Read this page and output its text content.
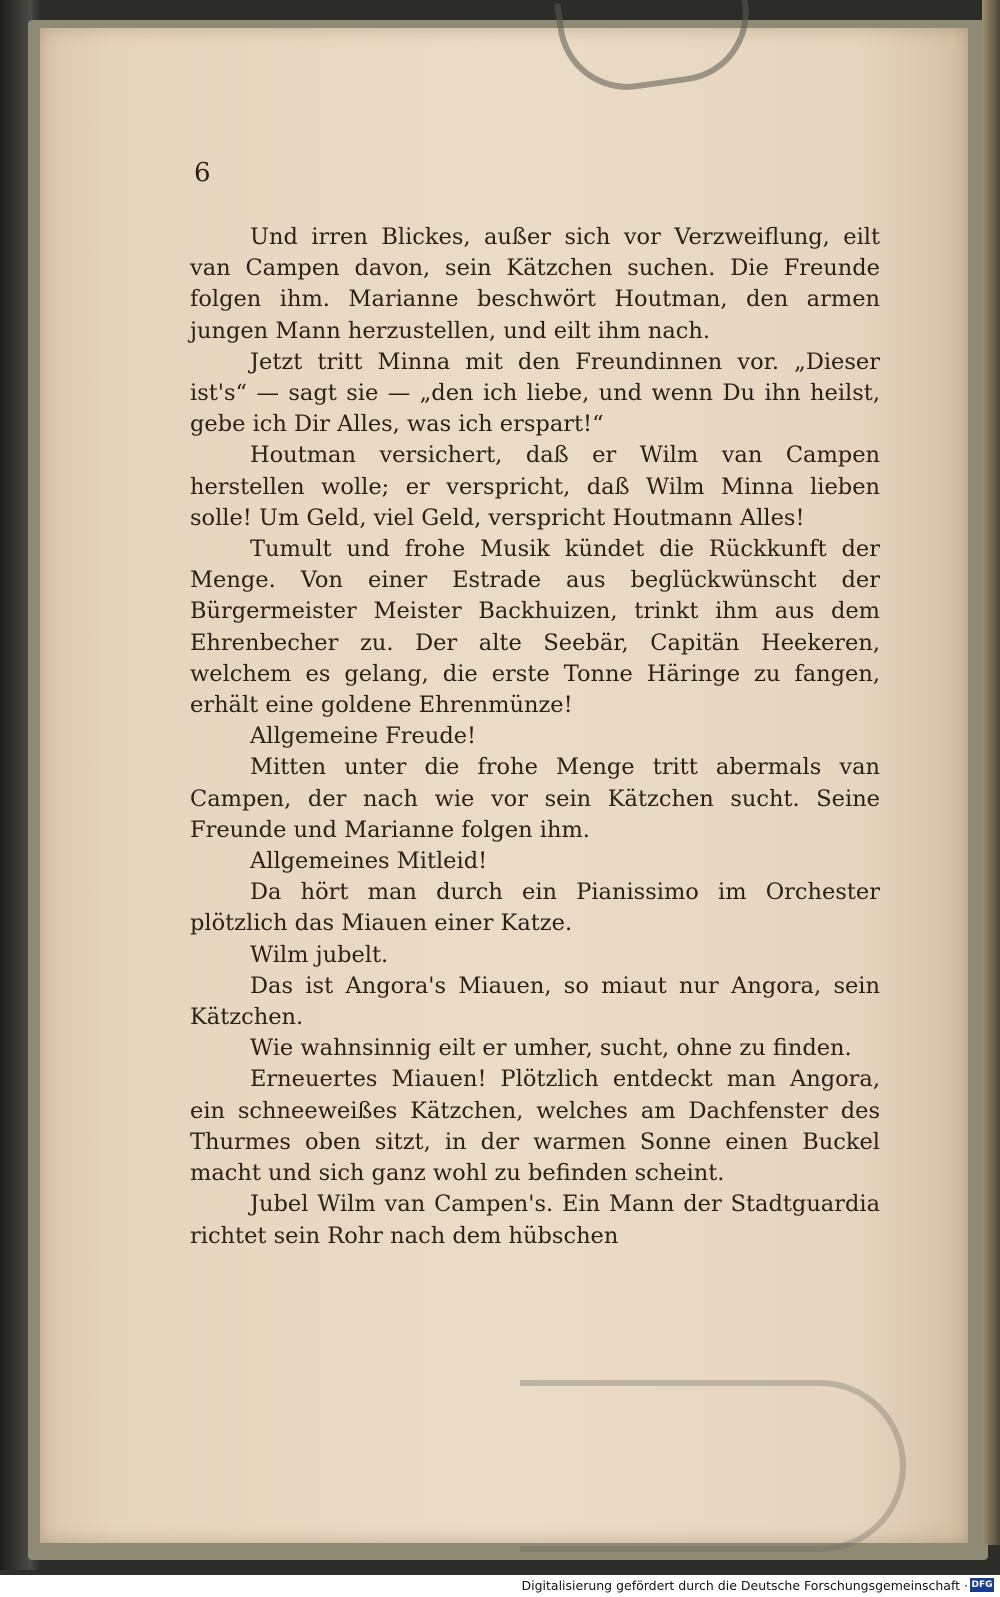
6

Und irren Blickes, außer sich vor Verzweiflung, eilt van Campen davon, sein Kätzchen suchen. Die Freunde folgen ihm. Marianne beschwört Houtman, den armen jungen Mann herzustellen, und eilt ihm nach.

Jetzt tritt Minna mit den Freundinnen vor. „Dieser ist's“ — sagt sie — „den ich liebe, und wenn Du ihn heilst, gebe ich Dir Alles, was ich erspart!“

Houtman versichert, daß er Wilm van Campen herstellen wolle; er verspricht, daß Wilm Minna lieben solle! Um Geld, viel Geld, verspricht Houtmann Alles!

Tumult und frohe Musik kündet die Rückkunft der Menge. Von einer Estrade aus beglückwünscht der Bürgermeister Meister Backhuizen, trinkt ihm aus dem Ehrenbecher zu. Der alte Seebär, Capitän Heekeren, welchem es gelang, die erste Tonne Häringe zu fangen, erhält eine goldene Ehrenmünze!

Allgemeine Freude!

Mitten unter die frohe Menge tritt abermals van Campen, der nach wie vor sein Kätzchen sucht. Seine Freunde und Marianne folgen ihm.

Allgemeines Mitleid!

Da hört man durch ein Pianissimo im Orchester plötzlich das Miauen einer Katze.

Wilm jubelt.

Das ist Angora's Miauen, so miaut nur Angora, sein Kätzchen.

Wie wahnsinnig eilt er umher, sucht, ohne zu finden.

Erneuertes Miauen! Plötzlich entdeckt man Angora, ein schneeweißes Kätzchen, welches am Dachfenster des Thurmes oben sitzt, in der warmen Sonne einen Buckel macht und sich ganz wohl zu befinden scheint.

Jubel Wilm van Campen's. Ein Mann der Stadtguardia richtet sein Rohr nach dem hübschen

Digitalisierung gefördert durch die Deutsche Forschungsgemeinschaft · DFG
